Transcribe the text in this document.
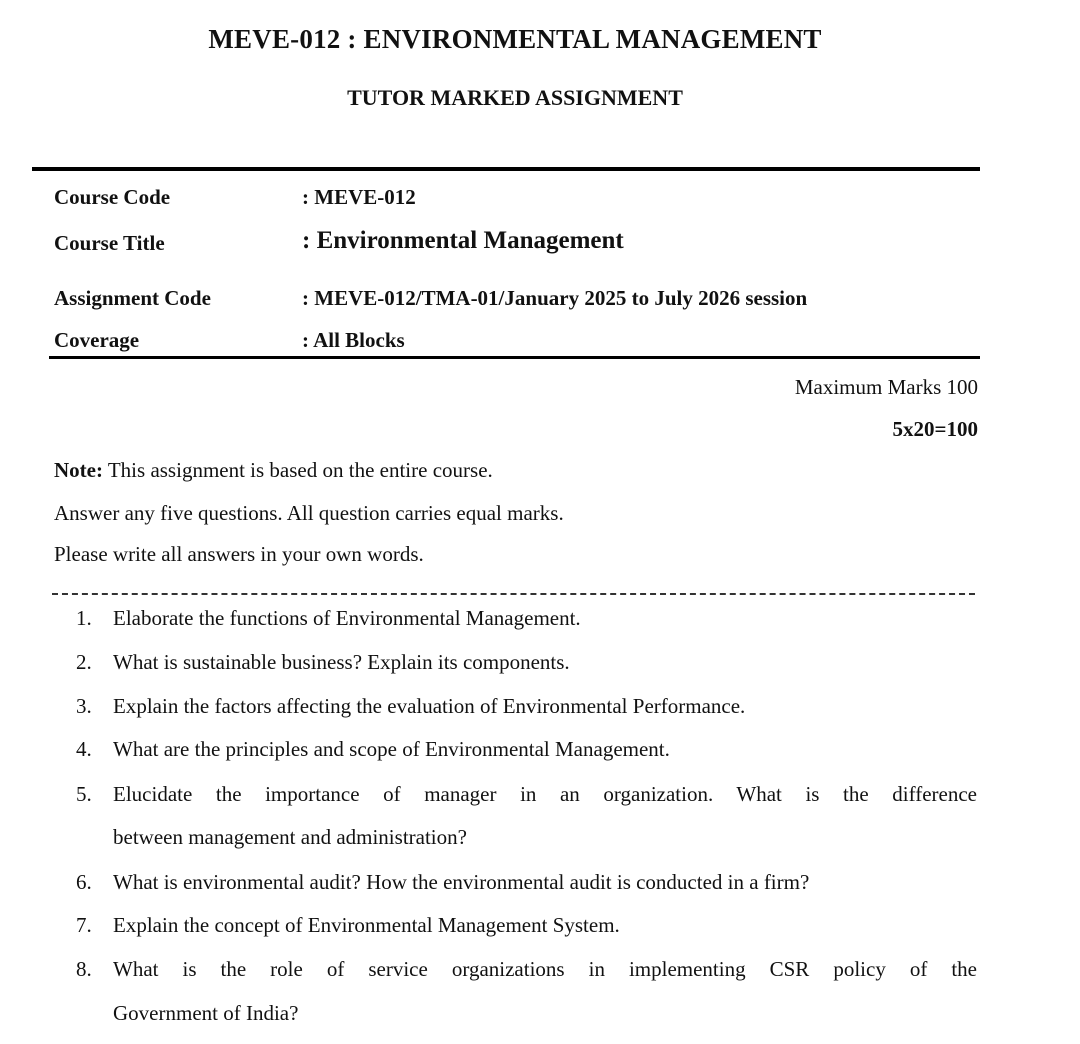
MEVE-012 : ENVIRONMENTAL MANAGEMENT
TUTOR MARKED ASSIGNMENT
Course Code	: MEVE-012
Course Title	: Environmental Management
Assignment Code	: MEVE-012/TMA-01/January 2025 to July 2026 session
Coverage	: All Blocks
Maximum Marks 100
5x20=100
Note: This assignment is based on the entire course.
Answer any five questions. All question carries equal marks.
Please write all answers in your own words.
1. Elaborate the functions of Environmental Management.
2. What is sustainable business? Explain its components.
3. Explain the factors affecting the evaluation of Environmental Performance.
4. What are the principles and scope of Environmental Management.
5. Elucidate the importance of manager in an organization. What is the difference
between management and administration?
6. What is environmental audit? How the environmental audit is conducted in a firm?
7. Explain the concept of Environmental Management System.
8. What is the role of service organizations in implementing CSR policy of the
Government of India?
